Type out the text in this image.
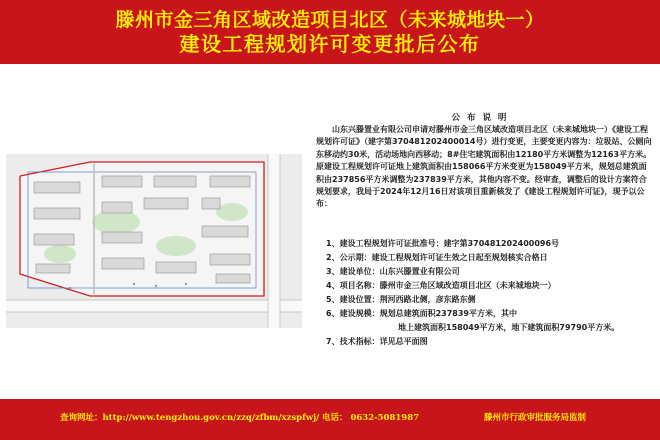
滕州市金三角区域改造项目北区（未来城地块一）
建设工程规划许可变更批后公布
公 布 说 明

山东兴滕置业有限公司申请对滕州市金三角区域改造项目北区（未来城地块一）《建设工程规划许可证》（建字第370481202400014号）进行变更，主要变更内容为：垃圾站、公厕向东移动约30米，活动场地向西移动；8#住宅建筑面积由12180平方米调整为12163平方米。原建设工程规划许可证地上建筑面积由158066平方米变更为158049平方米，规划总建筑面积由237856平方米调整为237839平方米，其他内容不变。经审查，调整后的设计方案符合规划要求，我局于2024年12月16日对该项目重新核发了《建设工程规划许可证》，现予以公布：

1、建设工程规划许可证批准号：建字第370481202400096号
2、公示期：建设工程规划许可证生效之日起至规划核实合格日
3、建设单位：山东兴滕置业有限公司
4、项目名称：滕州市金三角区域改造项目北区（未来城地块一）
5、建设位置：荆河西路北侧，彦东路东侧
6、建设规模：规划总建筑面积237839平方米，其中
地上建筑面积158049平方米，地下建筑面积79790平方米。
7、技术指标：详见总平面图
查询网址：http://www.tengzhou.gov.cn/zzq/zfbm/xzspfwj/ 电话： 0632-5081987	滕州市行政审批服务局监制
